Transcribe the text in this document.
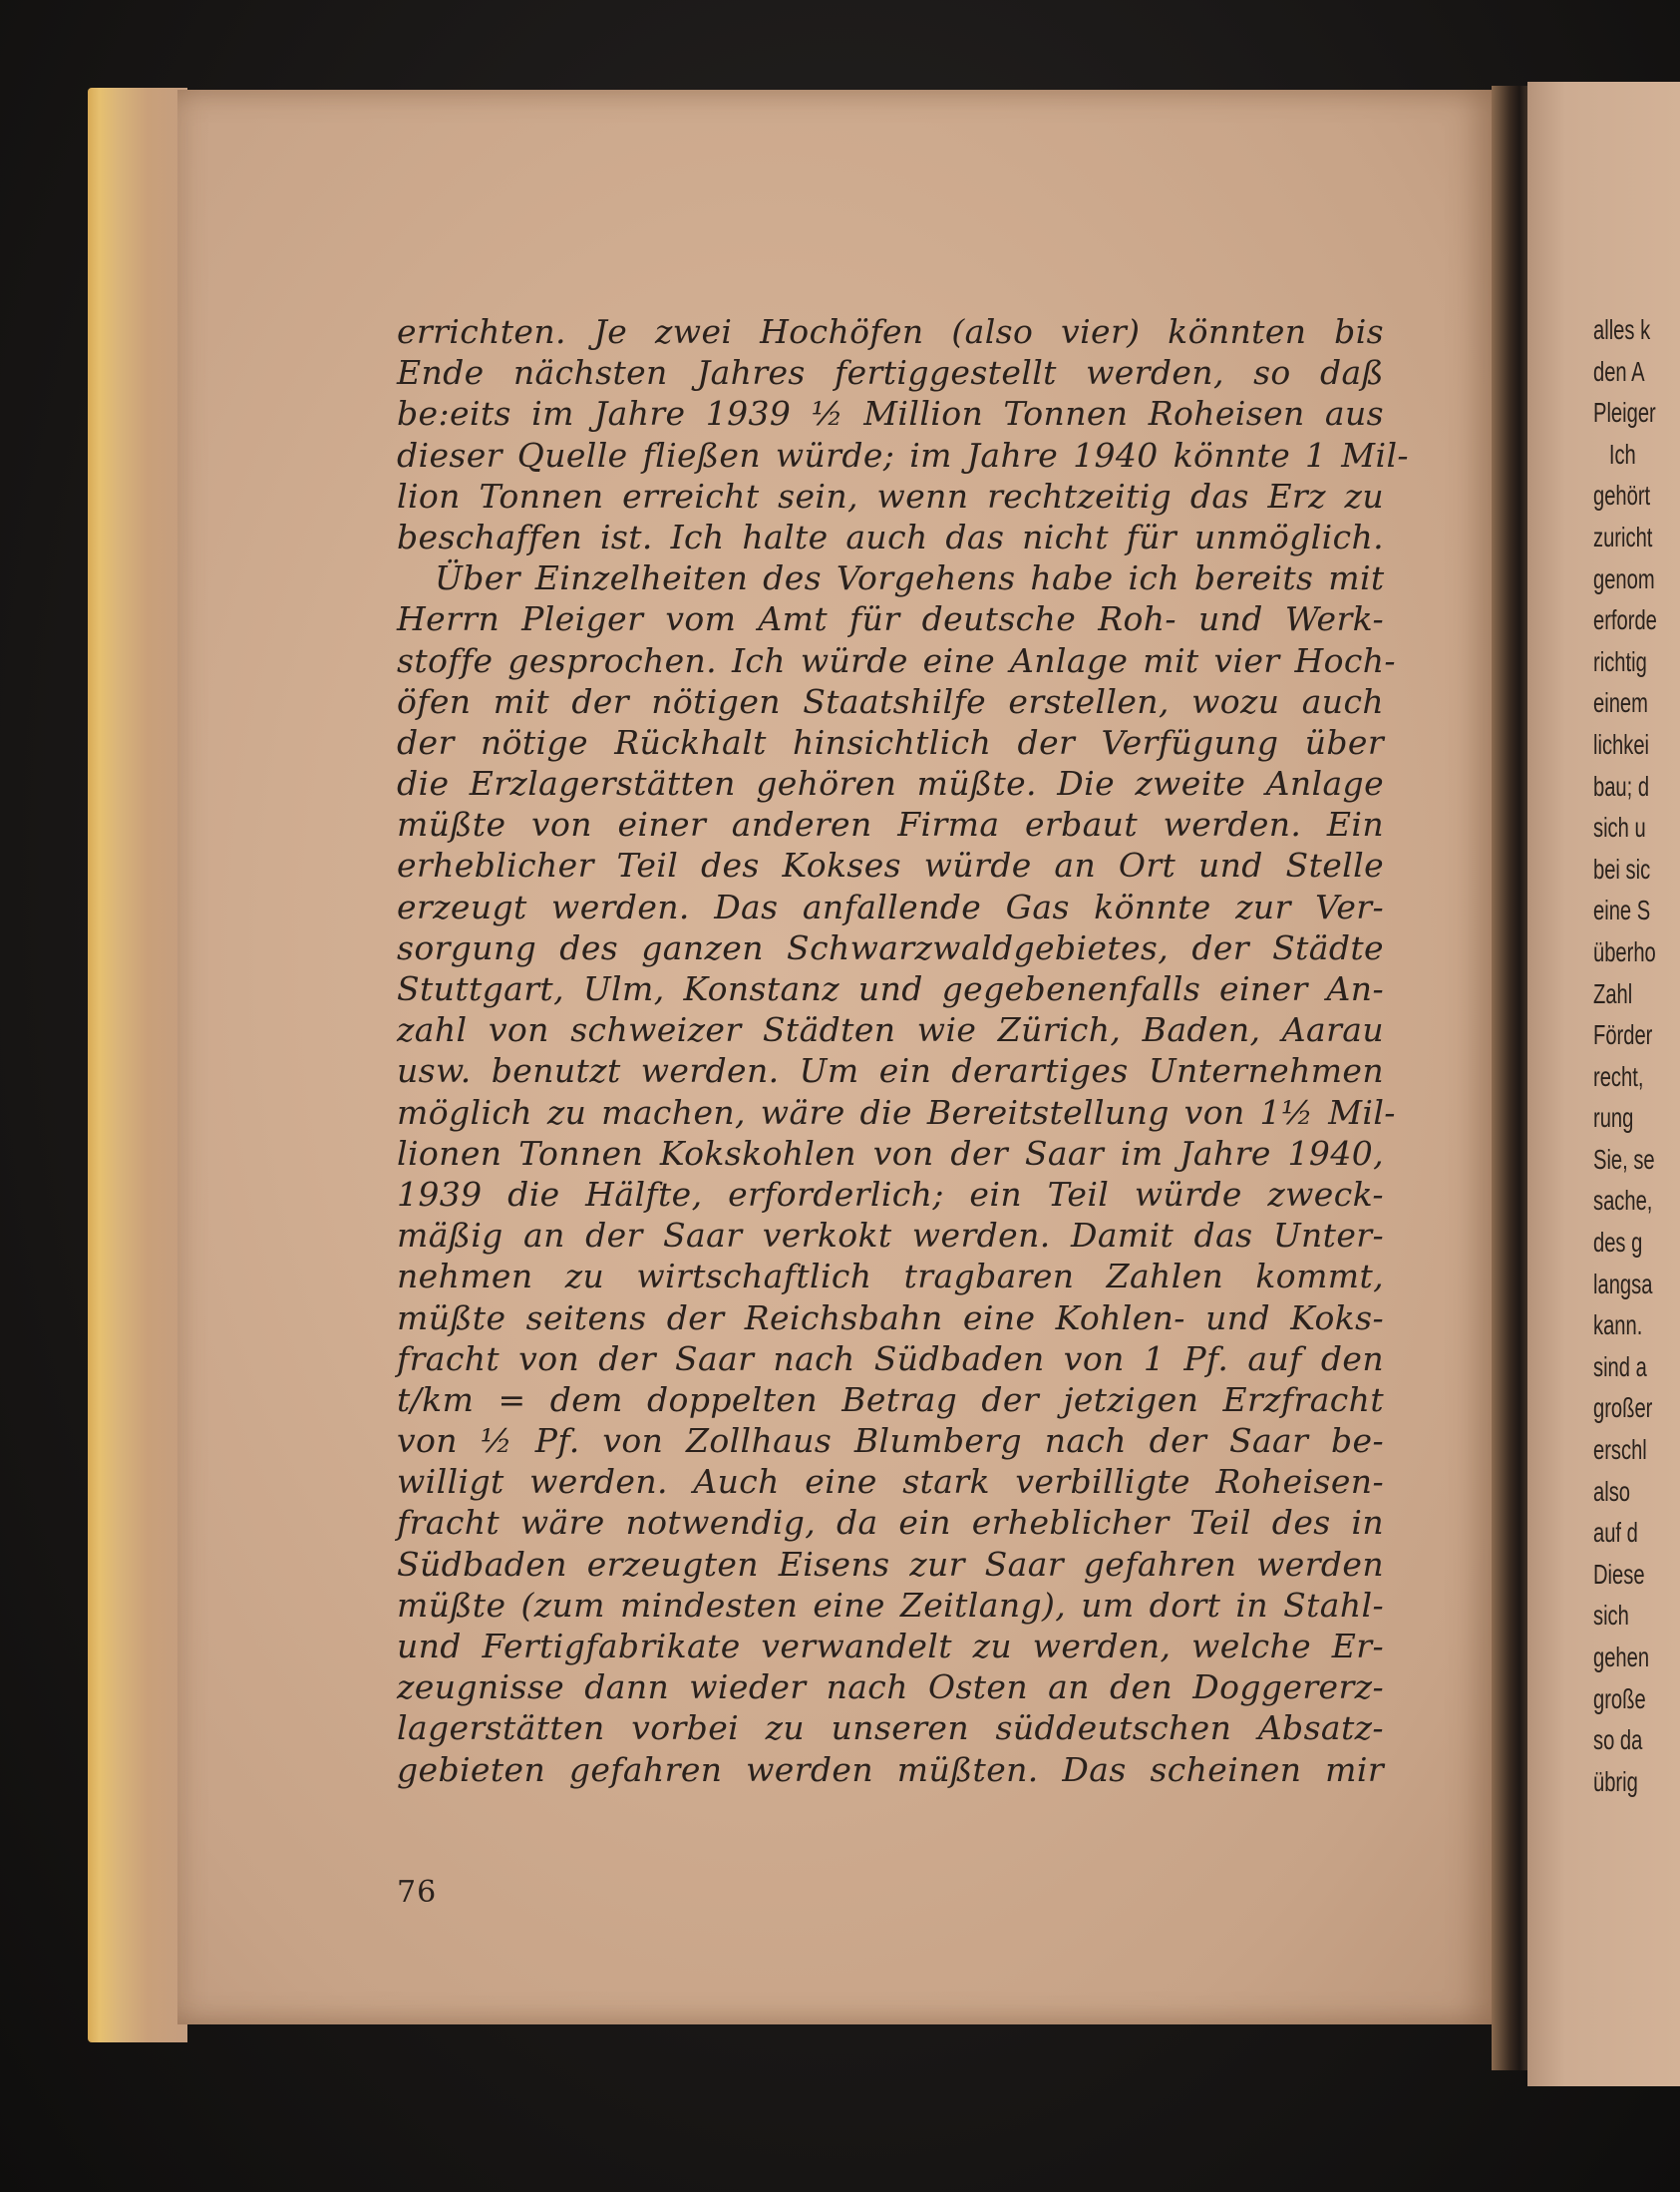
errichten. Je zwei Hochöfen (also vier) könnten bis
Ende nächsten Jahres fertiggestellt werden, so daß
be:eits im Jahre 1939 ½ Million Tonnen Roheisen aus
dieser Quelle fließen würde; im Jahre 1940 könnte 1 Mil-
lion Tonnen erreicht sein, wenn rechtzeitig das Erz zu
beschaffen ist. Ich halte auch das nicht für unmöglich.
Über Einzelheiten des Vorgehens habe ich bereits mit
Herrn Pleiger vom Amt für deutsche Roh- und Werk-
stoffe gesprochen. Ich würde eine Anlage mit vier Hoch-
öfen mit der nötigen Staatshilfe erstellen, wozu auch
der nötige Rückhalt hinsichtlich der Verfügung über
die Erzlagerstätten gehören müßte. Die zweite Anlage
müßte von einer anderen Firma erbaut werden. Ein
erheblicher Teil des Kokses würde an Ort und Stelle
erzeugt werden. Das anfallende Gas könnte zur Ver-
sorgung des ganzen Schwarzwaldgebietes, der Städte
Stuttgart, Ulm, Konstanz und gegebenenfalls einer An-
zahl von schweizer Städten wie Zürich, Baden, Aarau
usw. benutzt werden. Um ein derartiges Unternehmen
möglich zu machen, wäre die Bereitstellung von 1½ Mil-
lionen Tonnen Kokskohlen von der Saar im Jahre 1940,
1939 die Hälfte, erforderlich; ein Teil würde zweck-
mäßig an der Saar verkokt werden. Damit das Unter-
nehmen zu wirtschaftlich tragbaren Zahlen kommt,
müßte seitens der Reichsbahn eine Kohlen- und Koks-
fracht von der Saar nach Südbaden von 1 Pf. auf den
t/km = dem doppelten Betrag der jetzigen Erzfracht
von ½ Pf. von Zollhaus Blumberg nach der Saar be-
willigt werden. Auch eine stark verbilligte Roheisen-
fracht wäre notwendig, da ein erheblicher Teil des in
Südbaden erzeugten Eisens zur Saar gefahren werden
müßte (zum mindesten eine Zeitlang), um dort in Stahl-
und Fertigfabrikate verwandelt zu werden, welche Er-
zeugnisse dann wieder nach Osten an den Doggererz-
lagerstätten vorbei zu unseren süddeutschen Absatz-
gebieten gefahren werden müßten. Das scheinen mir
76
alles k
den A
Pleiger
Ich
gehört
zuricht
genom
erforde
richtig
einem
lichkei
bau; d
sich u
bei sic
eine S
überho
Zahl
Förder
recht,
rung
Sie, se
sache,
des g
langsa
kann.
sind a
großer
erschl
also
auf d
Diese
sich
gehen
große
so da
übrig
